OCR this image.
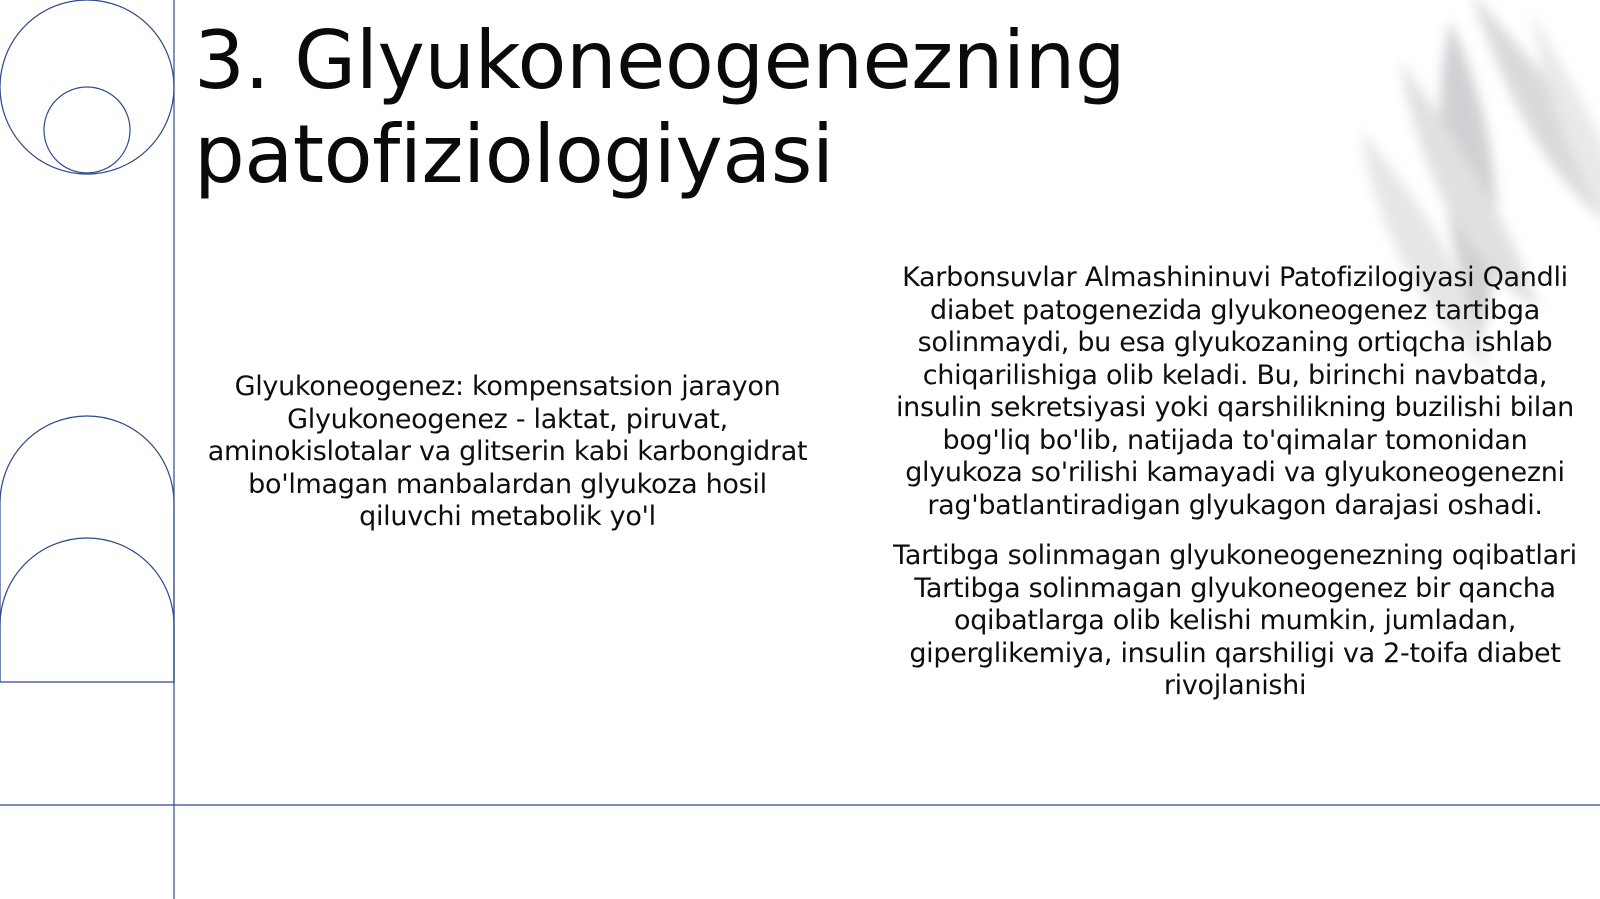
3. Glyukoneogenezning
patofiziologiyasi

Glyukoneogenez: kompensatsion jarayon Glyukoneogenez - laktat, piruvat, aminokislotalar va glitserin kabi karbongidrat bo'lmagan manbalardan glyukoza hosil qiluvchi metabolik yo'l

Karbonsuvlar Almashininuvi Patofizilogiyasi Qandli diabet patogenezida glyukoneogenez tartibga solinmaydi, bu esa glyukozaning ortiqcha ishlab chiqarilishiga olib keladi. Bu, birinchi navbatda, insulin sekretsiyasi yoki qarshilikning buzilishi bilan bog'liq bo'lib, natijada to'qimalar tomonidan glyukoza so'rilishi kamayadi va glyukoneogenezni rag'batlantiradigan glyukagon darajasi oshadi.

Tartibga solinmagan glyukoneogenezning oqibatlari Tartibga solinmagan glyukoneogenez bir qancha oqibatlarga olib kelishi mumkin, jumladan, giperglikemiya, insulin qarshiligi va 2-toifa diabet rivojlanishi
